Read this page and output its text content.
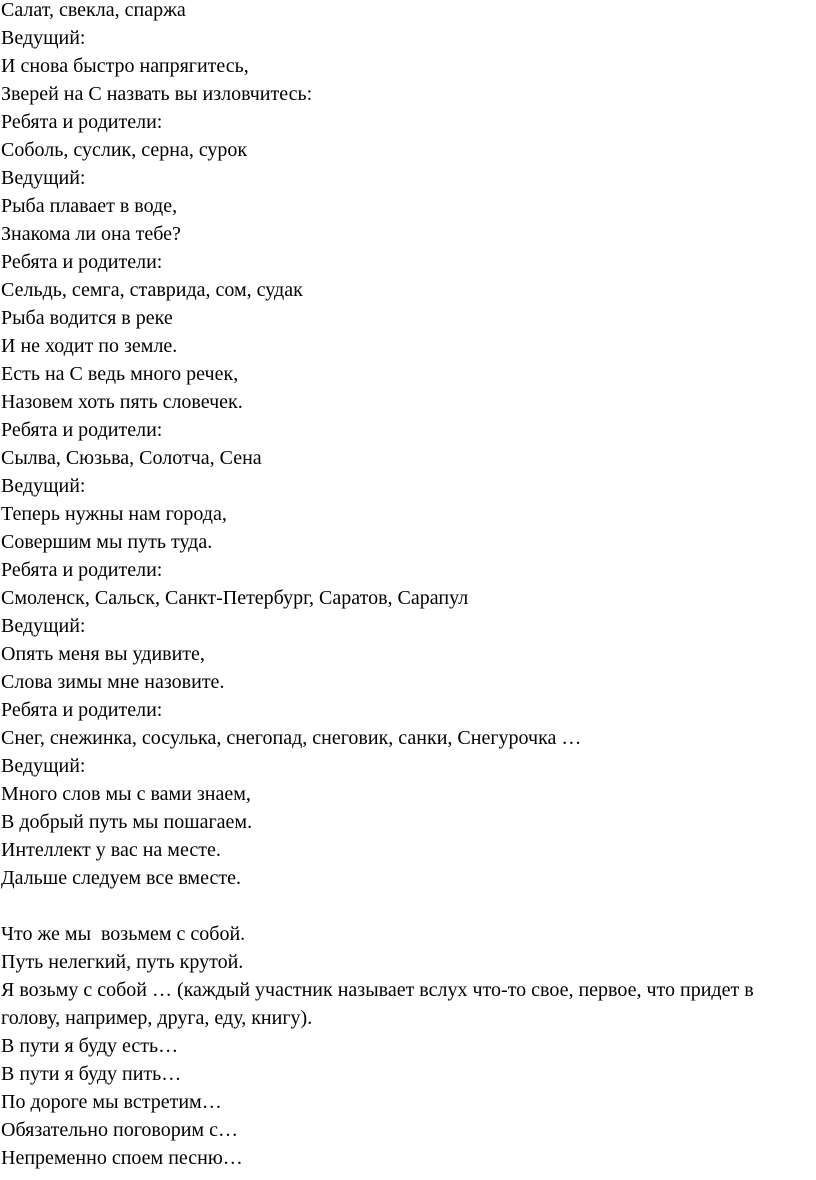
Салат, свекла, спаржа
Ведущий:
И снова быстро напрягитесь,
Зверей на С назвать вы изловчитесь:
Ребята и родители:
Соболь, суслик, серна, сурок
Ведущий:
Рыба плавает в воде,
Знакома ли она тебе?
Ребята и родители:
Сельдь, семга, ставрида, сом, судак
Рыба водится в реке
И не ходит по земле.
Есть на С ведь много речек,
Назовем хоть пять словечек.
Ребята и родители:
Сылва, Сюзьва, Солотча, Сена
Ведущий:
Теперь нужны нам города,
Совершим мы путь туда.
Ребята и родители:
Смоленск, Сальск, Санкт-Петербург, Саратов, Сарапул
Ведущий:
Опять меня вы удивите,
Слова зимы мне назовите.
Ребята и родители:
Снег, снежинка, сосулька, снегопад, снеговик, санки, Снегурочка …
Ведущий:
Много слов мы с вами знаем,
В добрый путь мы пошагаем.
Интеллект у вас на месте.
Дальше следуем все вместе.
Что же мы  возьмем с собой.
Путь нелегкий, путь крутой.
Я возьму с собой … (каждый участник называет вслух что-то свое, первое, что придет в голову, например, друга, еду, книгу).
В пути я буду есть…
В пути я буду пить…
По дороге мы встретим…
Обязательно поговорим с…
Непременно споем песню…
